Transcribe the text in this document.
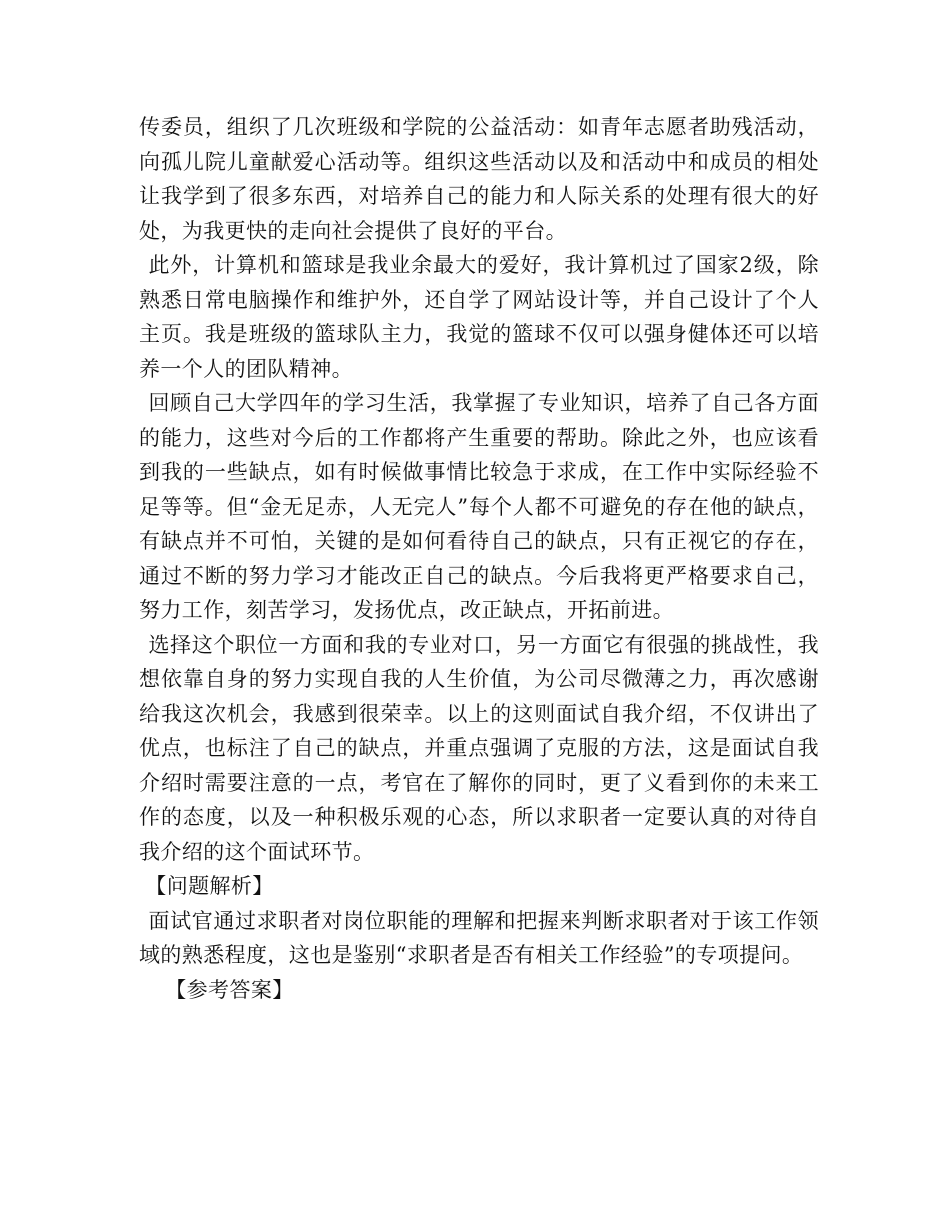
传委员，组织了几次班级和学院的公益活动：如青年志愿者助残活动，向孤儿院儿童献爱心活动等。组织这些活动以及和活动中和成员的相处让我学到了很多东西，对培养自己的能力和人际关系的处理有很大的好处，为我更快的走向社会提供了良好的平台。

此外，计算机和篮球是我业余最大的爱好，我计算机过了国家2级，除熟悉日常电脑操作和维护外，还自学了网站设计等，并自己设计了个人主页。我是班级的篮球队主力，我觉的篮球不仅可以强身健体还可以培养一个人的团队精神。

回顾自己大学四年的学习生活，我掌握了专业知识，培养了自己各方面的能力，这些对今后的工作都将产生重要的帮助。除此之外，也应该看到我的一些缺点，如有时候做事情比较急于求成，在工作中实际经验不足等等。但“金无足赤，人无完人”每个人都不可避免的存在他的缺点，有缺点并不可怕，关键的是如何看待自己的缺点，只有正视它的存在，通过不断的努力学习才能改正自己的缺点。今后我将更严格要求自己，努力工作，刻苦学习，发扬优点，改正缺点，开拓前进。

选择这个职位一方面和我的专业对口，另一方面它有很强的挑战性，我想依靠自身的努力实现自我的人生价值，为公司尽微薄之力，再次感谢给我这次机会，我感到很荣幸。以上的这则面试自我介绍，不仅讲出了优点，也标注了自己的缺点，并重点强调了克服的方法，这是面试自我介绍时需要注意的一点，考官在了解你的同时，更了义看到你的未来工作的态度，以及一种积极乐观的心态，所以求职者一定要认真的对待自我介绍的这个面试环节。

【问题解析】

面试官通过求职者对岗位职能的理解和把握来判断求职者对于该工作领域的熟悉程度，这也是鉴别“求职者是否有相关工作经验”的专项提问。

【参考答案】
